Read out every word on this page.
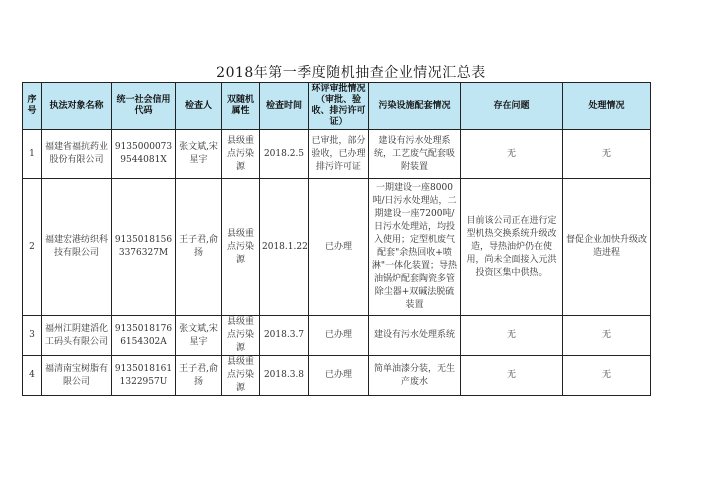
2018年第一季度随机抽查企业情况汇总表
序号	执法对象名称	统一社会信用代码	检查人	双随机属性	检查时间	环评审批情况（审批、验收、排污许可证）	污染设施配套情况	存在问题	处理情况
1	福建省福抗药业股份有限公司	91350000739544081X	张文斌,宋星宇	县级重点污染源	2018.2.5	已审批，部分验收，已办理排污许可证	建设有污水处理系统，工艺废气配套吸附装置	无	无
2	福建宏港纺织科技有限公司	91350181563376327M	王子君,俞扬	县级重点污染源	2018.1.22	已办理	一期建设一座8000吨/日污水处理站，二期建设一座7200吨/日污水处理站，均投入使用；定型机废气配套"余热回收+喷淋"一体化装置；导热油锅炉配套陶瓷多管除尘器+双碱法脱硫装置	目前该公司正在进行定型机热交换系统升级改造，导热油炉仍在使用，尚未全面接入元洪投资区集中供热。	督促企业加快升级改造进程
3	福州江阴建滔化工码头有限公司	91350181766154302A	张文斌,宋星宇	县级重点污染源	2018.3.7	已办理	建设有污水处理系统	无	无
4	福清南宝树脂有限公司	91350181611322957U	王子君,俞扬	县级重点污染源	2018.3.8	已办理	简单油漆分装，无生产废水	无	无
